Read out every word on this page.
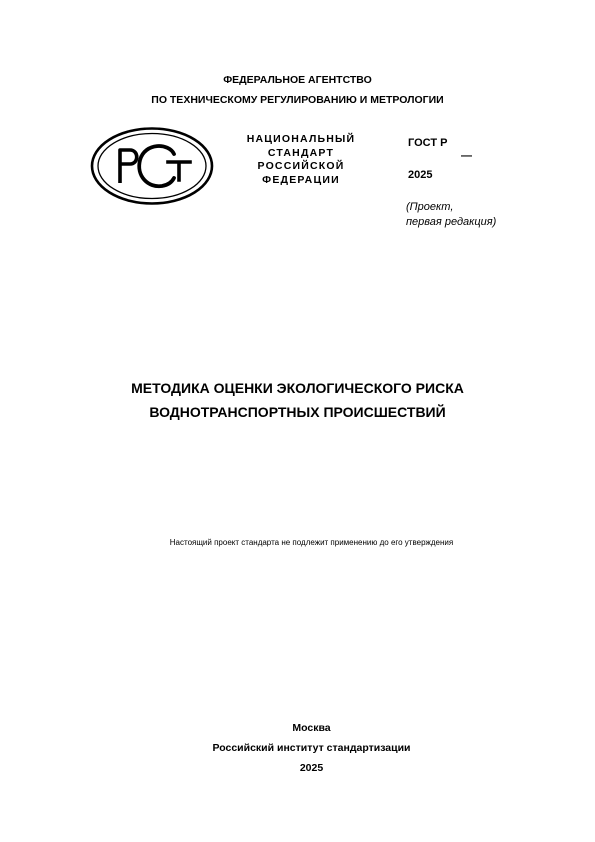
ФЕДЕРАЛЬНОЕ АГЕНТСТВО
ПО ТЕХНИЧЕСКОМУ РЕГУЛИРОВАНИЮ И МЕТРОЛОГИИ
НАЦИОНАЛЬНЫЙ
СТАНДАРТ
РОССИЙСКОЙ
ФЕДЕРАЦИИ
ГОСТ Р
—
2025
(Проект,
первая редакция)
МЕТОДИКА ОЦЕНКИ ЭКОЛОГИЧЕСКОГО РИСКА
ВОДНОТРАНСПОРТНЫХ ПРОИСШЕСТВИЙ
Настоящий проект стандарта не подлежит применению до его утверждения
Москва
Российский институт стандартизации
2025
